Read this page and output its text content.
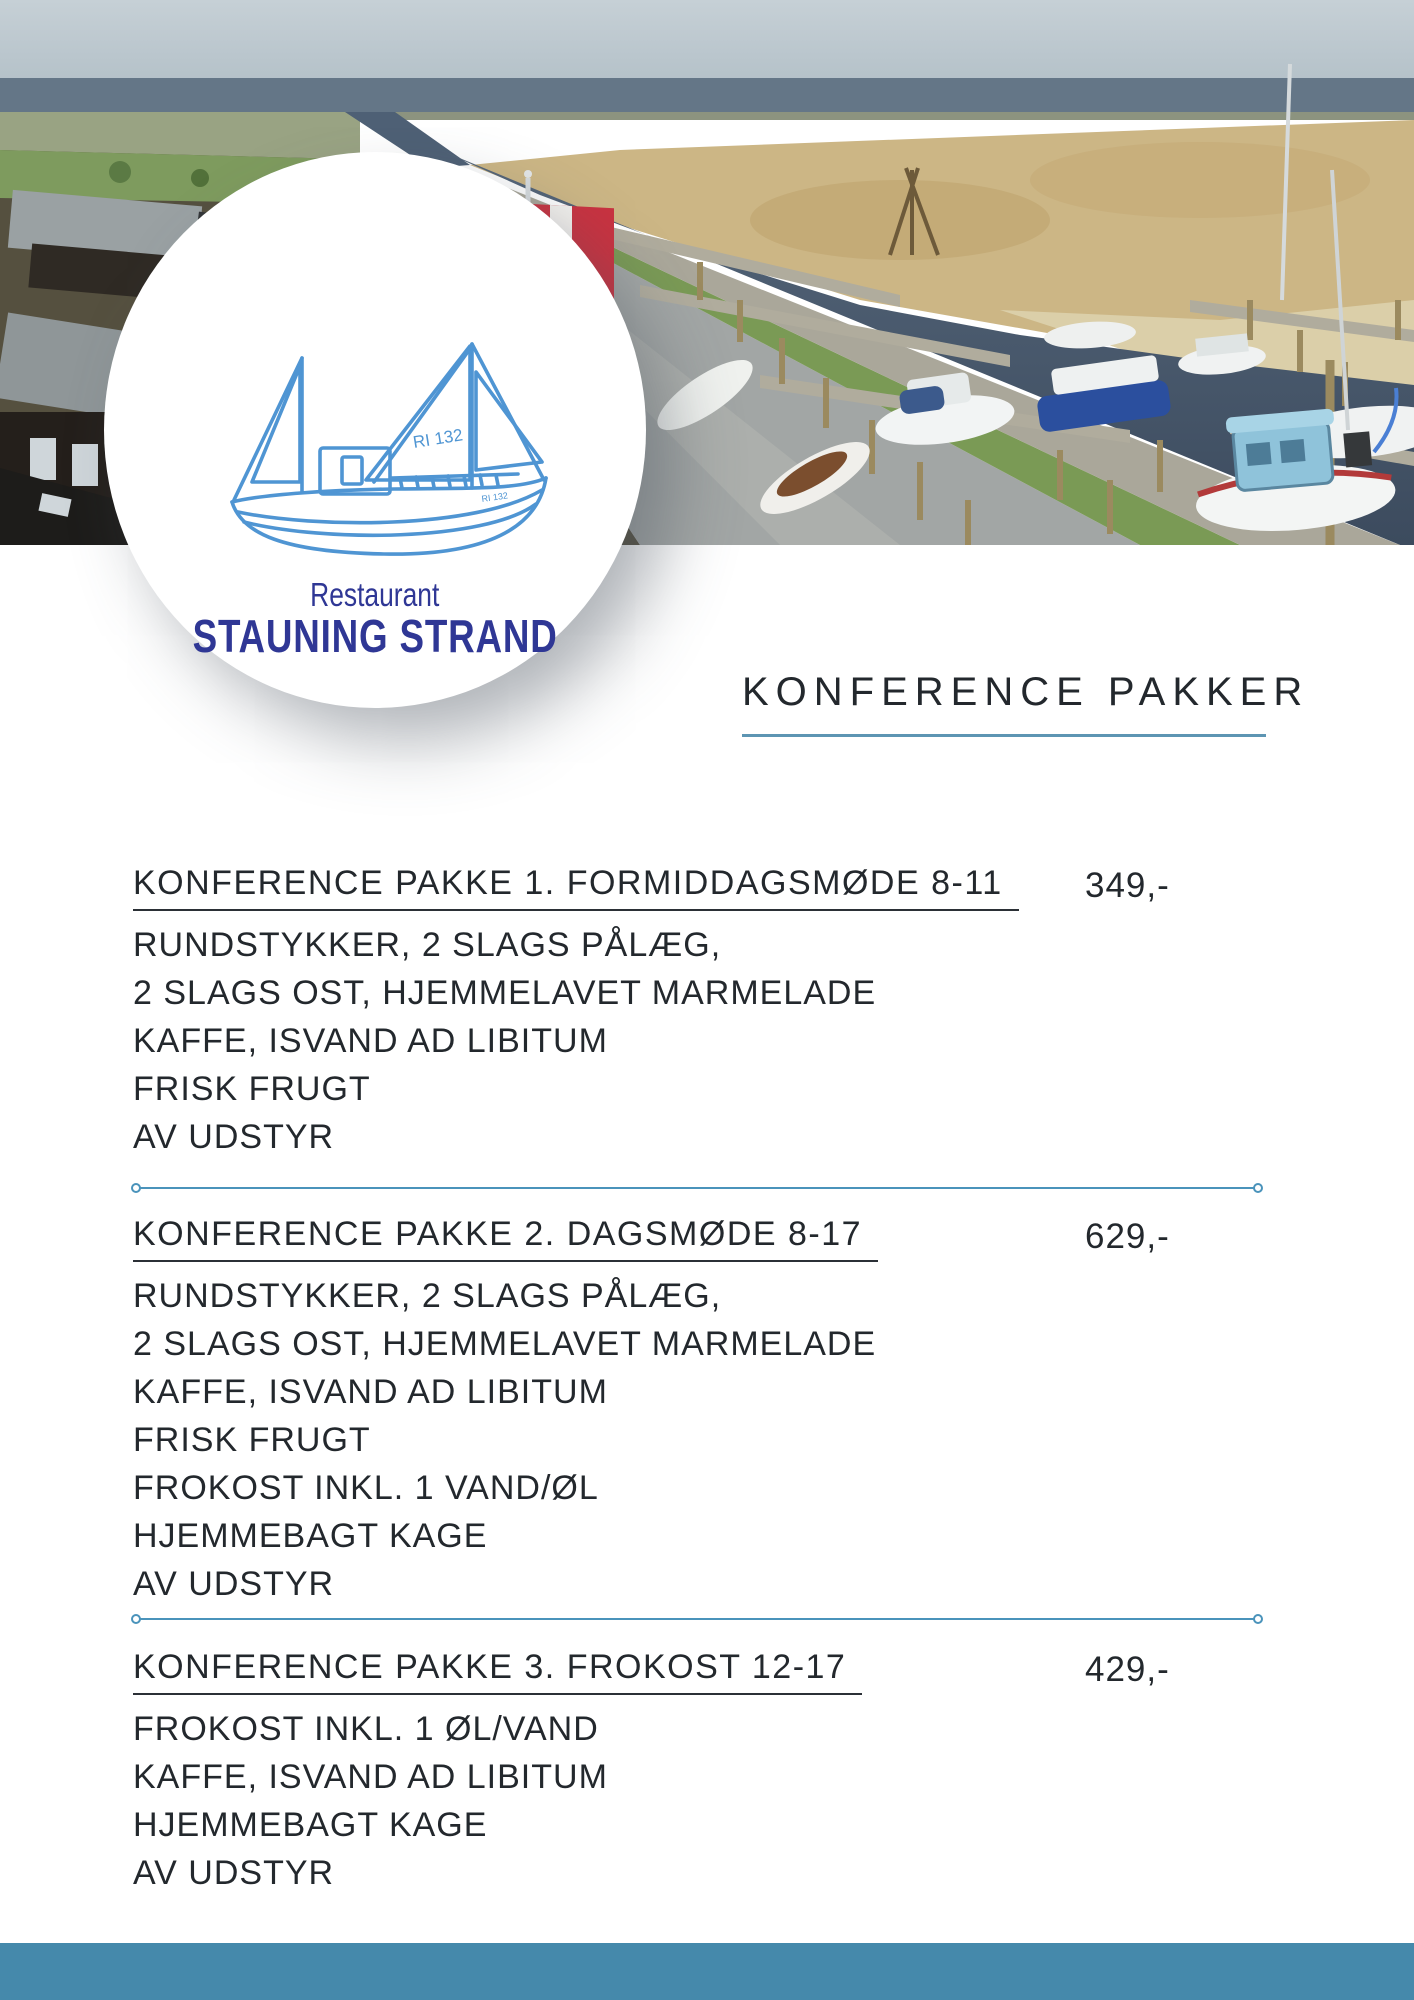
RI 132
RI 132
Restaurant
STAUNING STRAND
KONFERENCE PAKKER
KONFERENCE PAKKE 1. FORMIDDAGSMØDE 8-11 349,-
RUNDSTYKKER, 2 SLAGS PÅLÆG,
2 SLAGS OST, HJEMMELAVET MARMELADE
KAFFE, ISVAND AD LIBITUM
FRISK FRUGT
AV UDSTYR
KONFERENCE PAKKE 2. DAGSMØDE 8-17	629,-
RUNDSTYKKER, 2 SLAGS PÅLÆG,
2 SLAGS OST, HJEMMELAVET MARMELADE
KAFFE, ISVAND AD LIBITUM
FRISK FRUGT
FROKOST INKL. 1 VAND/ØL
HJEMMEBAGT KAGE
AV UDSTYR
KONFERENCE PAKKE 3. FROKOST 12-17	429,-
FROKOST INKL. 1 ØL/VAND
KAFFE, ISVAND AD LIBITUM
HJEMMEBAGT KAGE
AV UDSTYR
